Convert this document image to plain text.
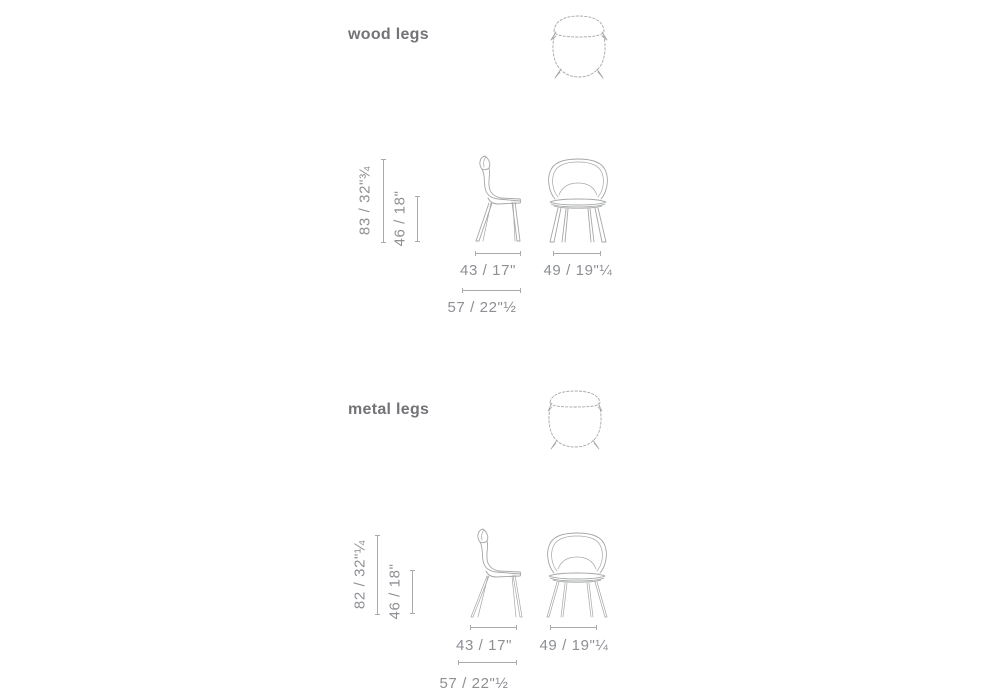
wood legs
83 / 32"¾ 46 / 18"
43 / 17"	49 / 19"¼
57 / 22"½
metal legs
82 / 32"¼ 46 / 18"
43 / 17"	49 / 19"¼
57 / 22"½
